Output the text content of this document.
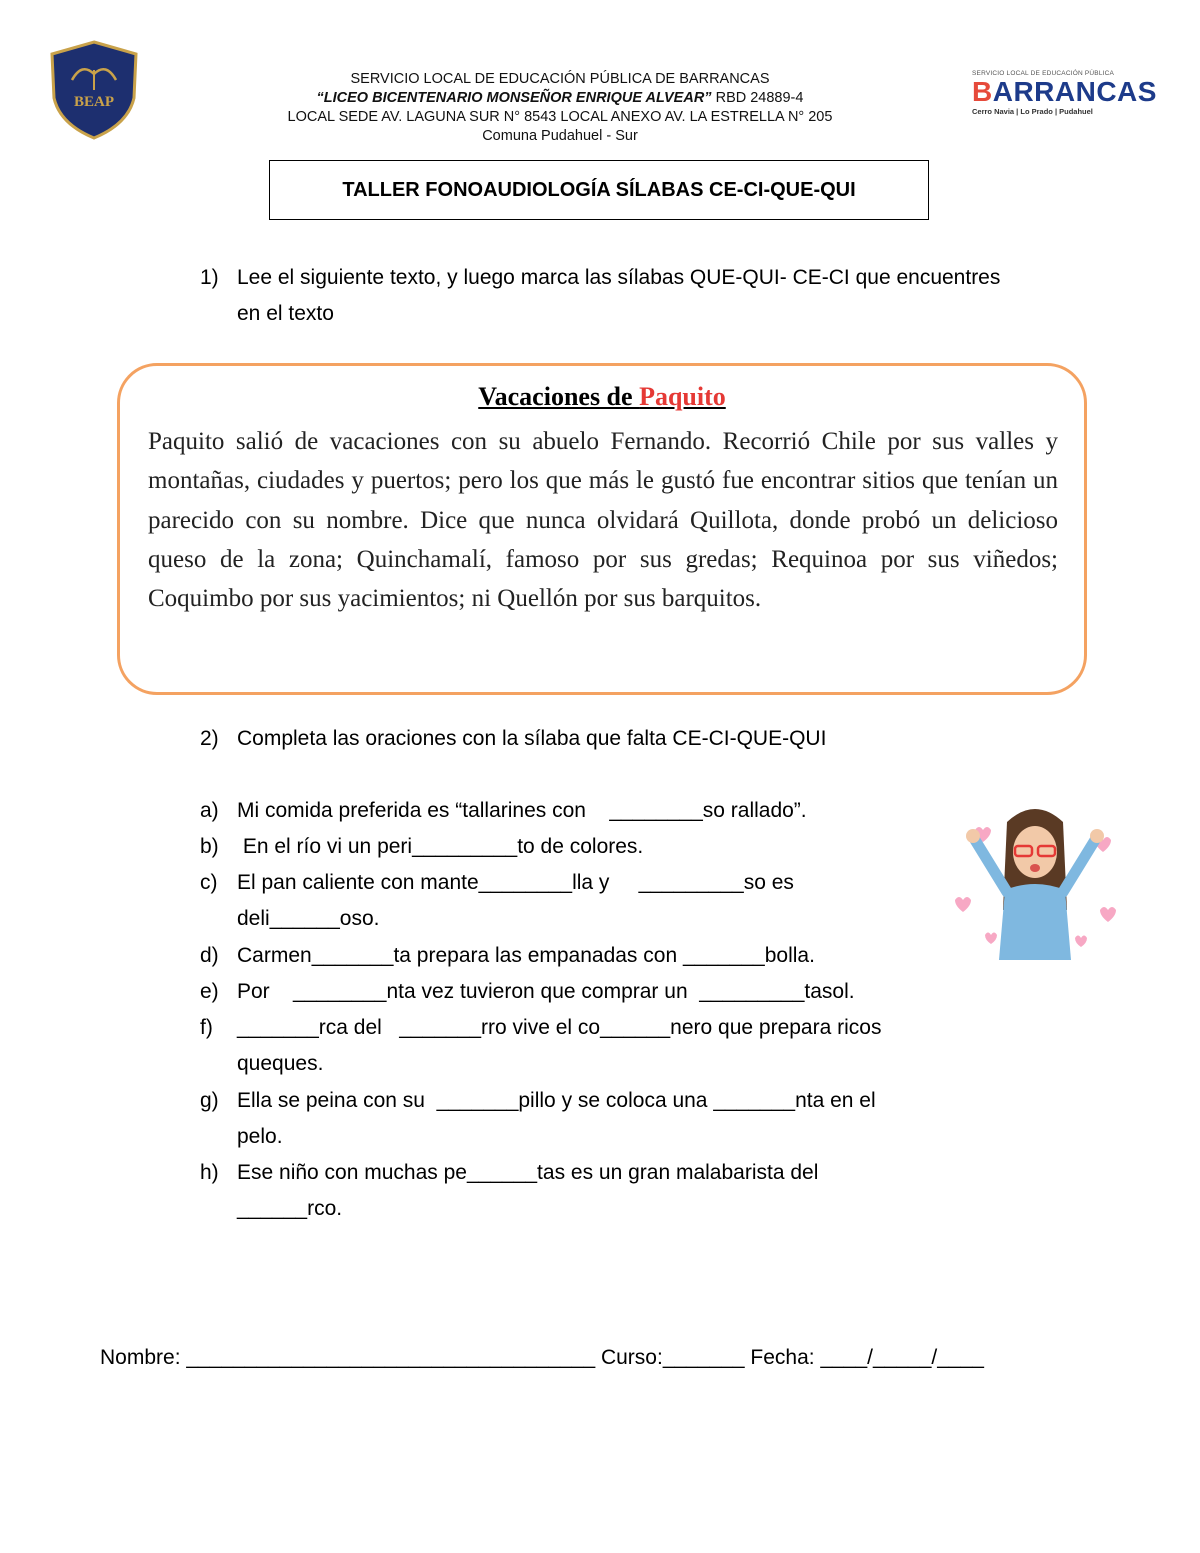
BEAP
SERVICIO LOCAL DE EDUCACIÓN PÚBLICA DE BARRANCAS
“LICEO BICENTENARIO MONSEÑOR ENRIQUE ALVEAR” RBD 24889-4
LOCAL SEDE AV. LAGUNA SUR N° 8543 LOCAL ANEXO AV. LA ESTRELLA N° 205
Comuna Pudahuel - Sur
SERVICIO LOCAL DE EDUCACIÓN PÚBLICA
BARRANCAS
Cerro Navia | Lo Prado | Pudahuel
TALLER FONOAUDIOLOGÍA SÍLABAS CE-CI-QUE-QUI
1) Lee el siguiente texto, y luego marca las sílabas QUE-QUI- CE-CI que encuentres en el texto
Vacaciones de Paquito
Paquito salió de vacaciones con su abuelo Fernando. Recorrió Chile por sus valles y montañas, ciudades y puertos; pero los que más le gustó fue encontrar sitios que tenían un parecido con su nombre. Dice que nunca olvidará Quillota, donde probó un delicioso queso de la zona; Quinchamalí, famoso por sus gredas; Requinoa por sus viñedos; Coquimbo por sus yacimientos; ni Quellón por sus barquitos.
2) Completa las oraciones con la sílaba que falta CE-CI-QUE-QUI
a) Mi comida preferida es “tallarines con    ________so rallado”.
b) En el río vi un peri_________to de colores.
c) El pan caliente con mante________lla y     _________so es
deli______oso.
d) Carmen_______ta prepara las empanadas con _______bolla.
e) Por    ________nta vez tuvieron que comprar un  _________tasol.
f) _______rca del   _______rro vive el co______nero que prepara ricos
queques.
g) Ella se peina con su  _______pillo y se coloca una _______nta en el
pelo.
h) Ese niño con muchas pe______tas es un gran malabarista del
______rco.
Nombre: ___________________________________ Curso:_______ Fecha: ____/_____/____
